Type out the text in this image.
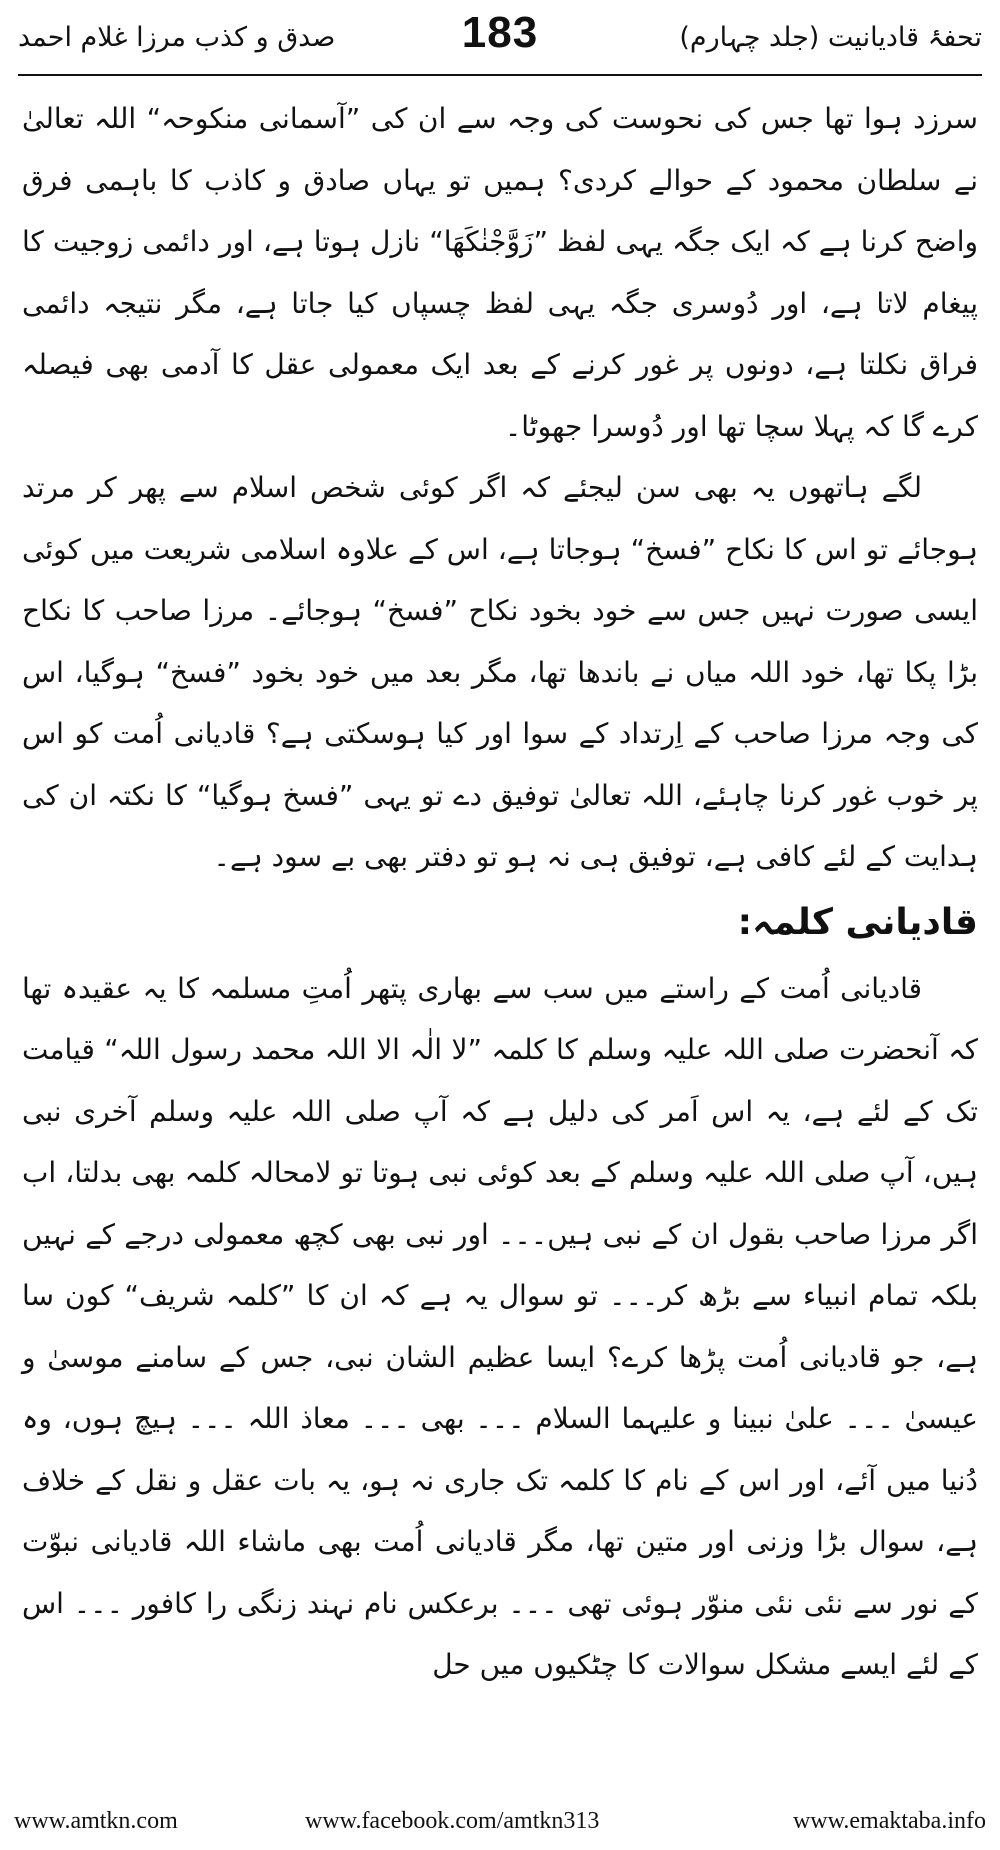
تحفۂ قادیانیت (جلد چہارم)
183
صدق و کذب مرزا غلام احمد

سرزد ہوا تھا جس کی نحوست کی وجہ سے ان کی ”آسمانی منکوحہ“ اللہ تعالیٰ نے سلطان محمود کے حوالے کردی؟ ہمیں تو یہاں صادق و کاذب کا باہمی فرق واضح کرنا ہے کہ ایک جگہ یہی لفظ ”زَوَّجْنٰکَھَا“ نازل ہوتا ہے، اور دائمی زوجیت کا پیغام لاتا ہے، اور دُوسری جگہ یہی لفظ چسپاں کیا جاتا ہے، مگر نتیجہ دائمی فراق نکلتا ہے، دونوں پر غور کرنے کے بعد ایک معمولی عقل کا آدمی بھی فیصلہ کرے گا کہ پہلا سچا تھا اور دُوسرا جھوٹا۔

لگے ہاتھوں یہ بھی سن لیجئے کہ اگر کوئی شخص اسلام سے پھر کر مرتد ہوجائے تو اس کا نکاح ”فسخ“ ہوجاتا ہے، اس کے علاوہ اسلامی شریعت میں کوئی ایسی صورت نہیں جس سے خود بخود نکاح ”فسخ“ ہوجائے۔ مرزا صاحب کا نکاح بڑا پکا تھا، خود اللہ میاں نے باندھا تھا، مگر بعد میں خود بخود ”فسخ“ ہوگیا، اس کی وجہ مرزا صاحب کے اِرتداد کے سوا اور کیا ہوسکتی ہے؟ قادیانی اُمت کو اس پر خوب غور کرنا چاہئے، اللہ تعالیٰ توفیق دے تو یہی ”فسخ ہوگیا“ کا نکتہ ان کی ہدایت کے لئے کافی ہے، توفیق ہی نہ ہو تو دفتر بھی بے سود ہے۔

قادیانی کلمہ:

قادیانی اُمت کے راستے میں سب سے بھاری پتھر اُمتِ مسلمہ کا یہ عقیدہ تھا کہ آنحضرت صلی اللہ علیہ وسلم کا کلمہ ”لا الٰہ الا اللہ محمد رسول اللہ“ قیامت تک کے لئے ہے، یہ اس اَمر کی دلیل ہے کہ آپ صلی اللہ علیہ وسلم آخری نبی ہیں، آپ صلی اللہ علیہ وسلم کے بعد کوئی نبی ہوتا تو لامحالہ کلمہ بھی بدلتا، اب اگر مرزا صاحب بقول ان کے نبی ہیں۔۔۔ اور نبی بھی کچھ معمولی درجے کے نہیں بلکہ تمام انبیاء سے بڑھ کر۔۔۔ تو سوال یہ ہے کہ ان کا ”کلمہ شریف“ کون سا ہے، جو قادیانی اُمت پڑھا کرے؟ ایسا عظیم الشان نبی، جس کے سامنے موسیٰ و عیسیٰ ۔۔۔ علیٰ نبینا و علیہما السلام ۔۔۔ بھی ۔۔۔ معاذ اللہ ۔۔۔ ہیچ ہوں، وہ دُنیا میں آئے، اور اس کے نام کا کلمہ تک جاری نہ ہو، یہ بات عقل و نقل کے خلاف ہے، سوال بڑا وزنی اور متین تھا، مگر قادیانی اُمت بھی ماشاء اللہ قادیانی نبوّت کے نور سے نئی نئی منوّر ہوئی تھی ۔۔۔ برعکس نام نہند زنگی را کافور ۔۔۔ اس کے لئے ایسے مشکل سوالات کا چٹکیوں میں حل

www.amtkn.com	www.facebook.com/amtkn313	www.emaktaba.info
